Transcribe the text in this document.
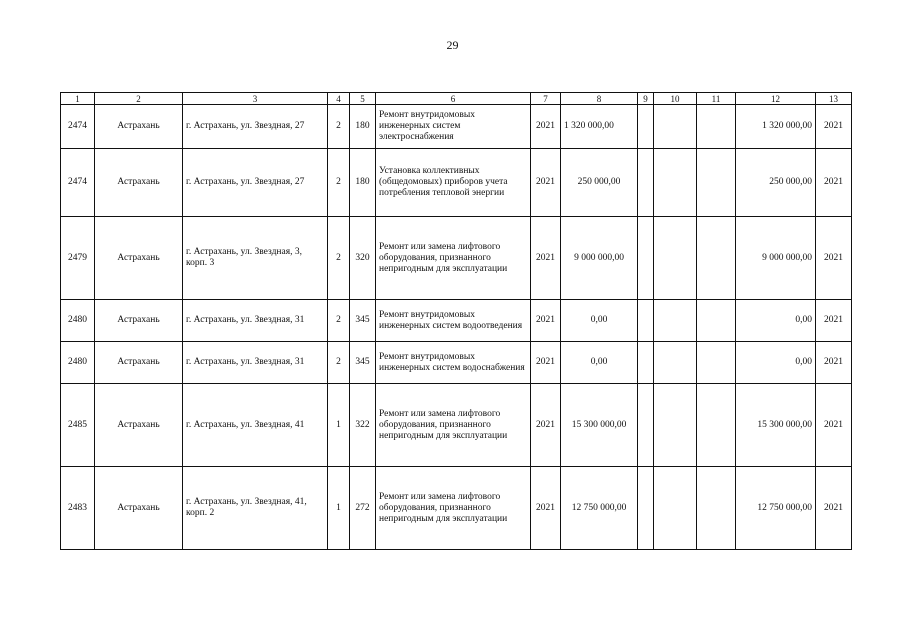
29
1	2	3	4	5	6	7	8	9	10	11	12	13
2474	Астрахань	г. Астрахань, ул. Звездная, 27	2	180	Ремонт внутридомовых инженерных систем электроснабжения	2021	1 320 000,00				1 320 000,00	2021
2474	Астрахань	г. Астрахань, ул. Звездная, 27	2	180	Установка коллективных (общедомовых) приборов учета потребления тепловой энергии	2021	250 000,00				250 000,00	2021
2479	Астрахань	г. Астрахань, ул. Звездная, 3, корп. 3	2	320	Ремонт или замена лифтового оборудования, признанного непригодным для эксплуатации	2021	9 000 000,00				9 000 000,00	2021
2480	Астрахань	г. Астрахань, ул. Звездная, 31	2	345	Ремонт внутридомовых инженерных систем водоотведения	2021	0,00				0,00	2021
2480	Астрахань	г. Астрахань, ул. Звездная, 31	2	345	Ремонт внутридомовых инженерных систем водоснабжения	2021	0,00				0,00	2021
2485	Астрахань	г. Астрахань, ул. Звездная, 41	1	322	Ремонт или замена лифтового оборудования, признанного непригодным для эксплуатации	2021	15 300 000,00				15 300 000,00	2021
2483	Астрахань	г. Астрахань, ул. Звездная, 41, корп. 2	1	272	Ремонт или замена лифтового оборудования, признанного непригодным для эксплуатации	2021	12 750 000,00				12 750 000,00	2021
